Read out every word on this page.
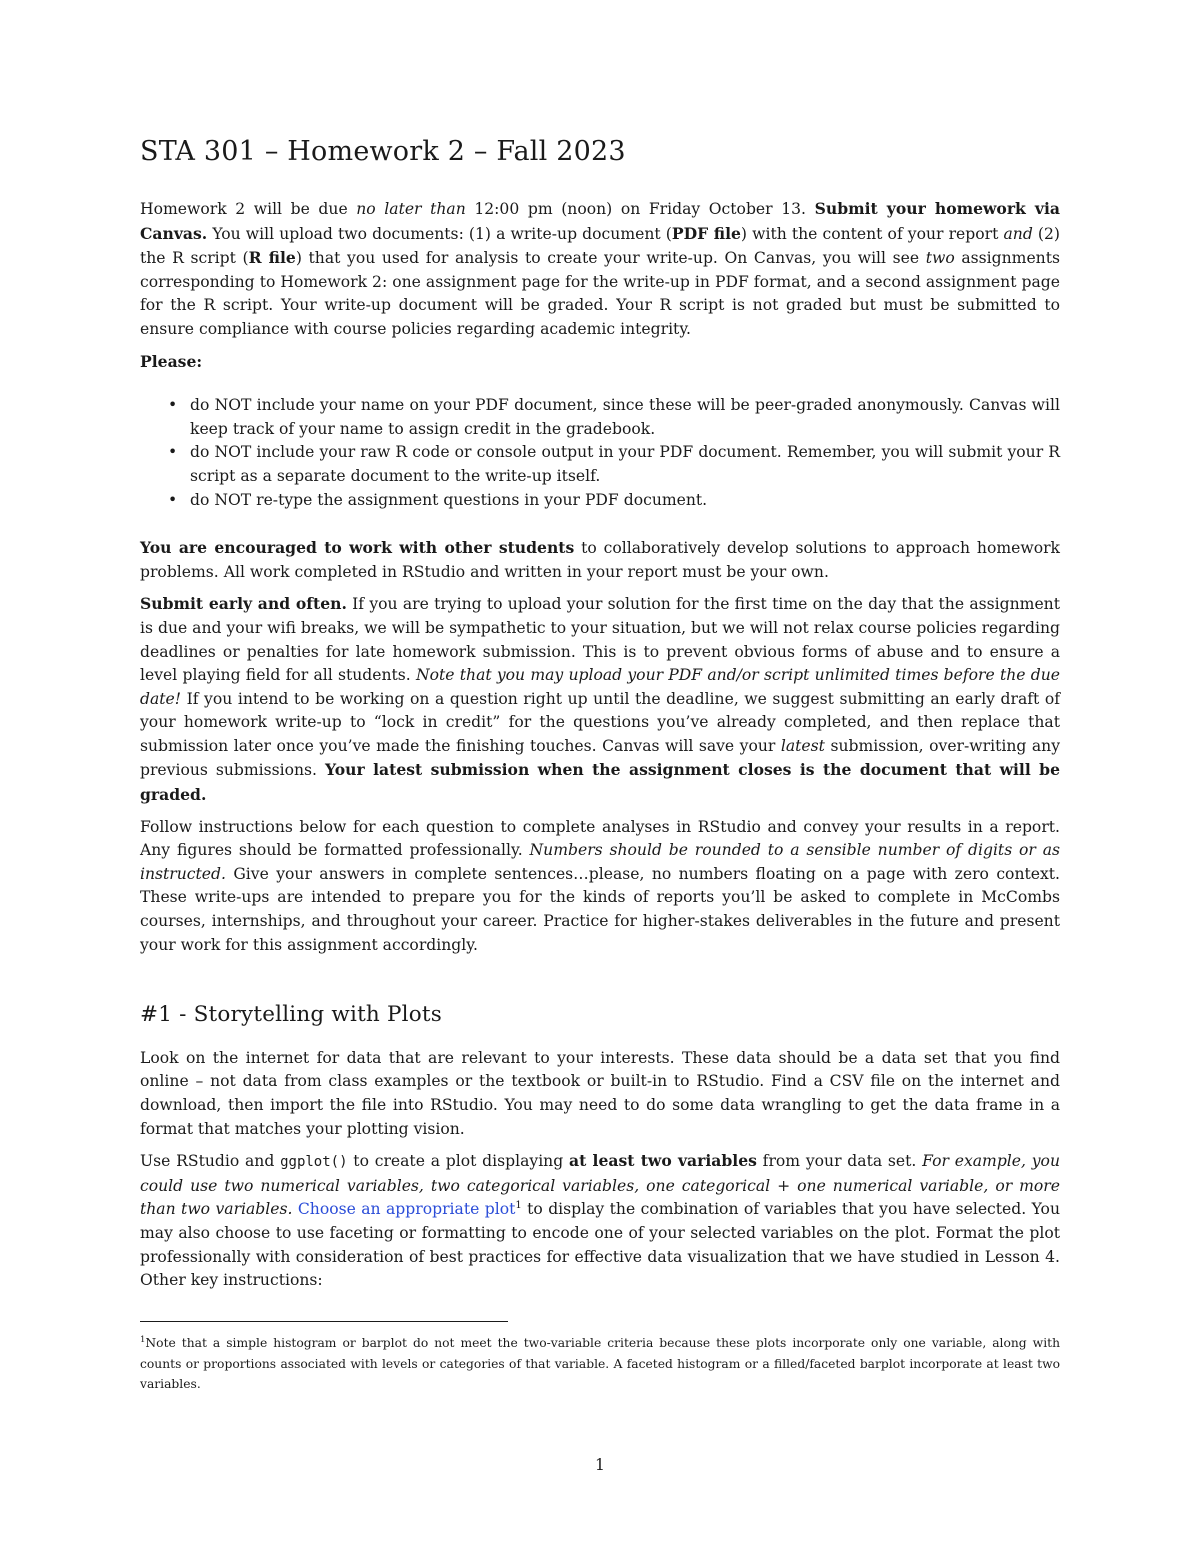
STA 301 – Homework 2 – Fall 2023

Homework 2 will be due no later than 12:00 pm (noon) on Friday October 13. Submit your homework via Canvas. You will upload two documents: (1) a write-up document (PDF file) with the content of your report and (2) the R script (R file) that you used for analysis to create your write-up. On Canvas, you will see two assignments corresponding to Homework 2: one assignment page for the write-up in PDF format, and a second assignment page for the R script. Your write-up document will be graded. Your R script is not graded but must be submitted to ensure compliance with course policies regarding academic integrity.

Please:

• do NOT include your name on your PDF document, since these will be peer-graded anonymously. Canvas will keep track of your name to assign credit in the gradebook.
• do NOT include your raw R code or console output in your PDF document. Remember, you will submit your R script as a separate document to the write-up itself.
• do NOT re-type the assignment questions in your PDF document.

You are encouraged to work with other students to collaboratively develop solutions to approach homework problems. All work completed in RStudio and written in your report must be your own.

Submit early and often. If you are trying to upload your solution for the first time on the day that the assignment is due and your wifi breaks, we will be sympathetic to your situation, but we will not relax course policies regarding deadlines or penalties for late homework submission. This is to prevent obvious forms of abuse and to ensure a level playing field for all students. Note that you may upload your PDF and/or script unlimited times before the due date! If you intend to be working on a question right up until the deadline, we suggest submitting an early draft of your homework write-up to “lock in credit” for the questions you’ve already completed, and then replace that submission later once you’ve made the finishing touches. Canvas will save your latest submission, over-writing any previous submissions. Your latest submission when the assignment closes is the document that will be graded.

Follow instructions below for each question to complete analyses in RStudio and convey your results in a report. Any figures should be formatted professionally. Numbers should be rounded to a sensible number of digits or as instructed. Give your answers in complete sentences…please, no numbers floating on a page with zero context. These write-ups are intended to prepare you for the kinds of reports you’ll be asked to complete in McCombs courses, internships, and throughout your career. Practice for higher-stakes deliverables in the future and present your work for this assignment accordingly.

#1 - Storytelling with Plots

Look on the internet for data that are relevant to your interests. These data should be a data set that you find online – not data from class examples or the textbook or built-in to RStudio. Find a CSV file on the internet and download, then import the file into RStudio. You may need to do some data wrangling to get the data frame in a format that matches your plotting vision.

Use RStudio and ggplot() to create a plot displaying at least two variables from your data set. For example, you could use two numerical variables, two categorical variables, one categorical + one numerical variable, or more than two variables. Choose an appropriate plot$^1$ to display the combination of variables that you have selected. You may also choose to use faceting or formatting to encode one of your selected variables on the plot. Format the plot professionally with consideration of best practices for effective data visualization that we have studied in Lesson 4. Other key instructions:

$^1$Note that a simple histogram or barplot do not meet the two-variable criteria because these plots incorporate only one variable, along with counts or proportions associated with levels or categories of that variable. A faceted histogram or a filled/faceted barplot incorporate at least two variables.
1
